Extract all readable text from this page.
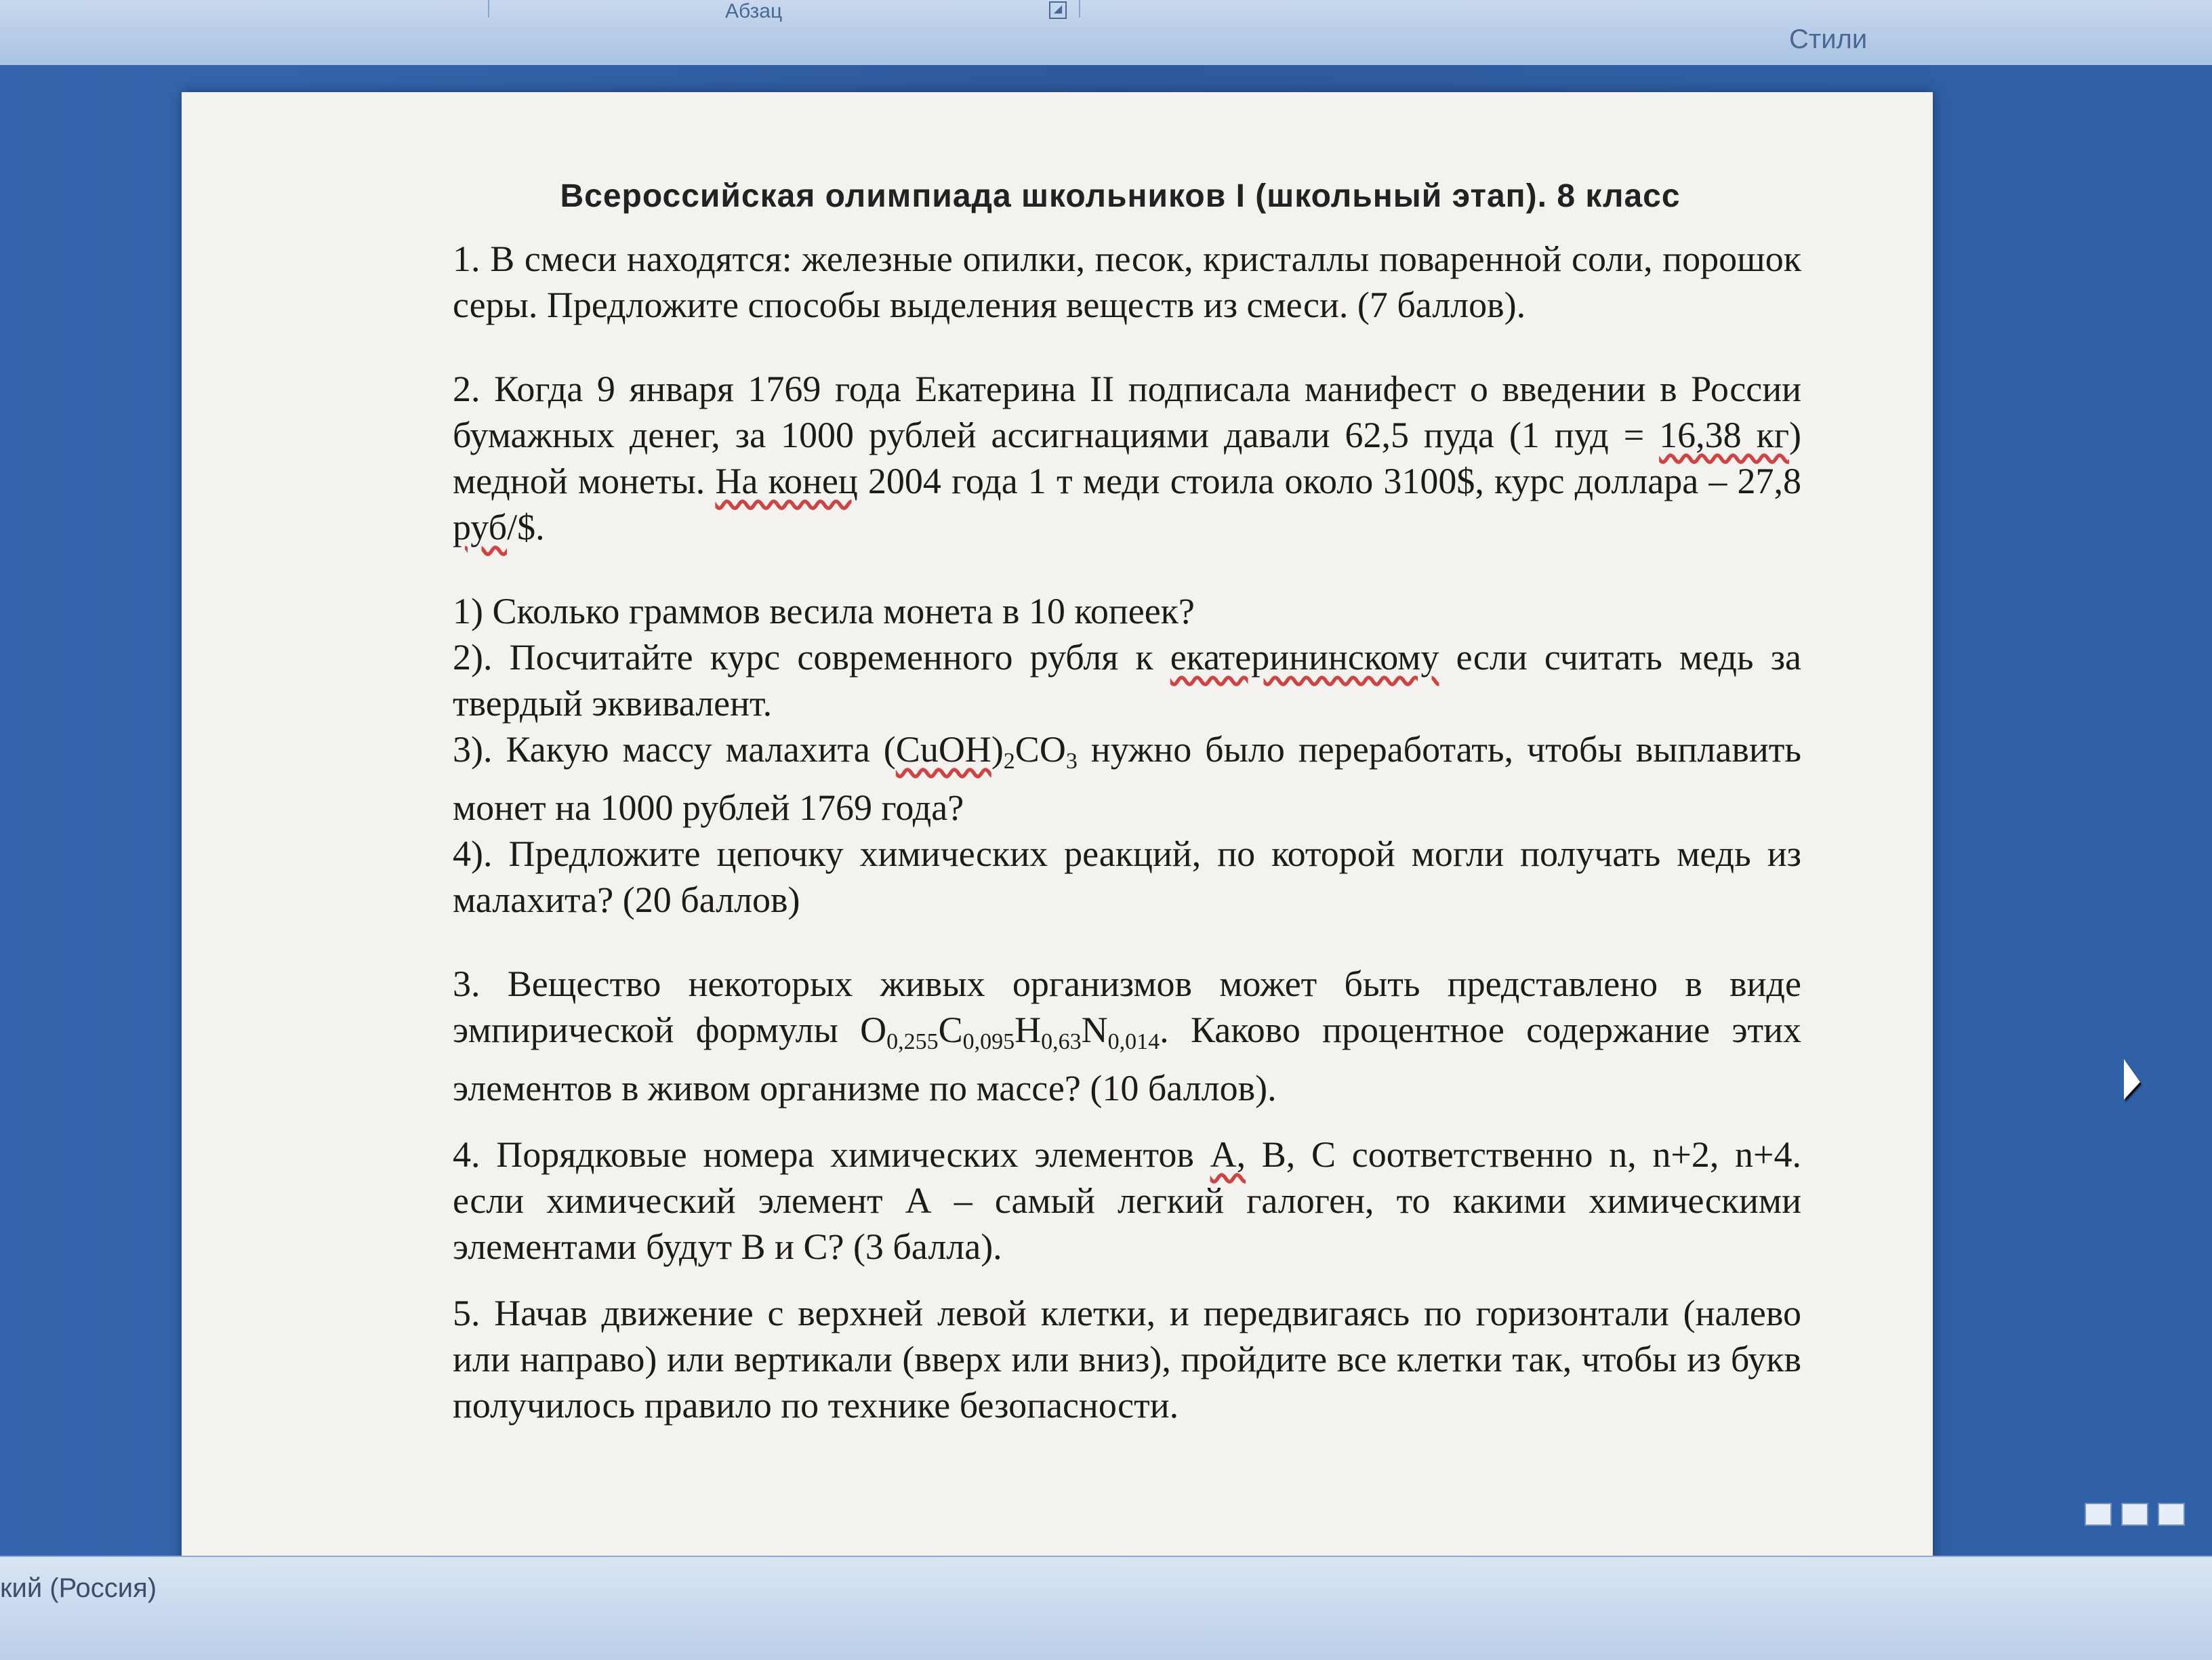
Абзац	◢
Стили
Всероссийская олимпиада школьников I (школьный этап). 8 класс

1. В смеси находятся: железные опилки, песок, кристаллы поваренной соли, порошок серы. Предложите способы выделения веществ из смеси. (7 баллов).

2. Когда 9 января 1769 года Екатерина II подписала манифест о введении в России бумажных денег, за 1000 рублей ассигнациями давали 62,5 пуда (1 пуд = 16,38 кг) медной монеты. На конец 2004 года 1 т меди стоила около 3100$, курс доллара – 27,8 руб/$.

1) Сколько граммов весила монета в 10 копеек?

2). Посчитайте курс современного рубля к екатерининскому если считать медь за твердый эквивалент.

3). Какую массу малахита $(CuOH)_2CO_3$ нужно было переработать, чтобы выплавить монет на 1000 рублей 1769 года?

4). Предложите цепочку химических реакций, по которой могли получать медь из малахита? (20 баллов)

3. Вещество некоторых живых организмов может быть представлено в виде эмпирической формулы $O_{0,255}C_{0,095}H_{0,63}N_{0,014}$. Каково процентное содержание этих элементов в живом организме по массе? (10 баллов).

4. Порядковые номера химических элементов А, В, С соответственно n, n+2, n+4. если химический элемент А – самый легкий галоген, то какими химическими элементами будут В и С? (3 балла).

5. Начав движение с верхней левой клетки, и передвигаясь по горизонтали (налево или направо) или вертикали (вверх или вниз), пройдите все клетки так, чтобы из букв получилось правило по технике безопасности.

кий (Россия)
